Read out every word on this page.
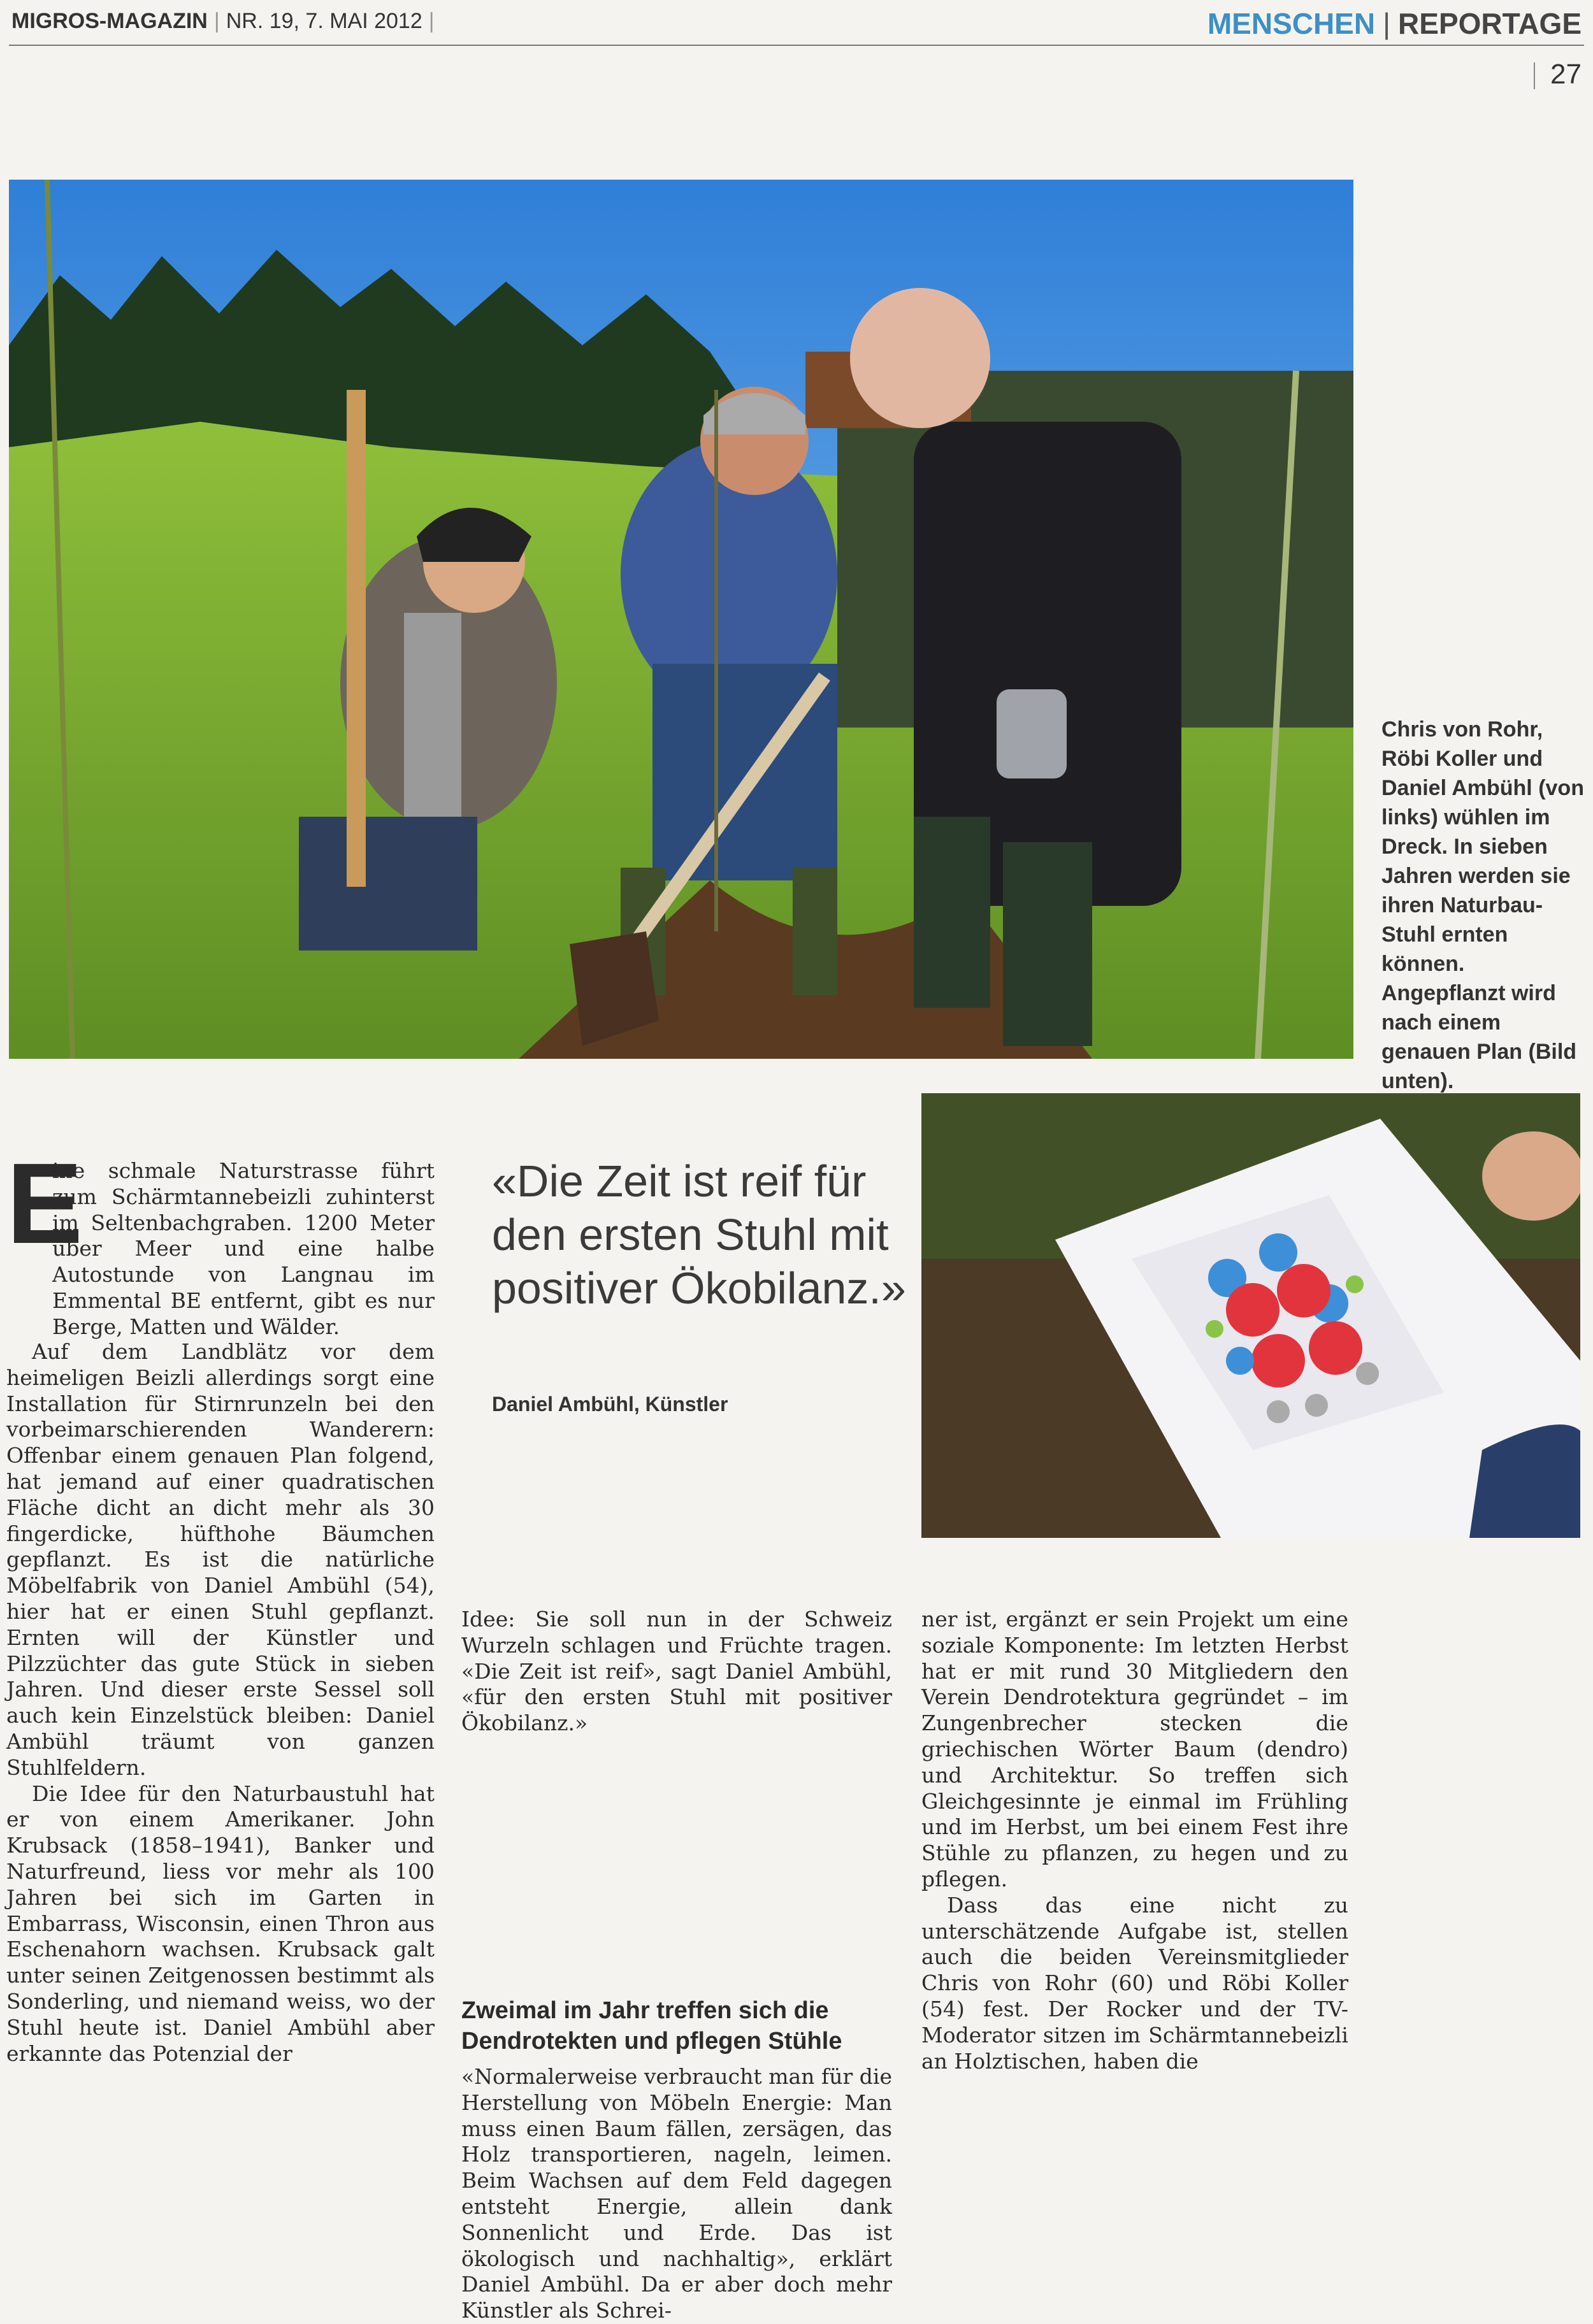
MIGROS-MAGAZIN | NR. 19, 7. MAI 2012 |	MENSCHEN | REPORTAGE
27
Chris von Rohr, Röbi Koller und Daniel Ambühl (von links) wühlen im Dreck. In sieben Jahren werden sie ihren Naturbau-Stuhl ernten können. Angepflanzt wird nach einem genauen Plan (Bild unten).
«Die Zeit ist reif für den ersten Stuhl mit positiver Ökobilanz.»
Daniel Ambühl, Künstler
E

ine schmale Naturstrasse führt zum Schärmtannebeizli zuhinterst im Seltenbachgraben. 1200 Meter über Meer und eine halbe Autostunde von Langnau im Emmental BE entfernt, gibt es nur Berge, Matten und Wälder.

Auf dem Landblätz vor dem heimeligen Beizli allerdings sorgt eine Installation für Stirnrunzeln bei den vorbeimarschierenden Wanderern: Offenbar einem genauen Plan folgend, hat jemand auf einer quadratischen Fläche dicht an dicht mehr als 30 fingerdicke, hüfthohe Bäumchen gepflanzt. Es ist die natürliche Möbelfabrik von Daniel Ambühl (54), hier hat er einen Stuhl gepflanzt. Ernten will der Künstler und Pilzzüchter das gute Stück in sieben Jahren. Und dieser erste Sessel soll auch kein Einzelstück bleiben: Daniel Ambühl träumt von ganzen Stuhlfeldern.

Die Idee für den Naturbaustuhl hat er von einem Amerikaner. John Krubsack (1858–1941), Banker und Naturfreund, liess vor mehr als 100 Jahren bei sich im Garten in Embarrass, Wisconsin, einen Thron aus Eschenahorn wachsen. Krubsack galt unter seinen Zeitgenossen bestimmt als Sonderling, und niemand weiss, wo der Stuhl heute ist. Daniel Ambühl aber erkannte das Potenzial der

Idee: Sie soll nun in der Schweiz Wurzeln schlagen und Früchte tragen. «Die Zeit ist reif», sagt Daniel Ambühl, «für den ersten Stuhl mit positiver Ökobilanz.»

Zweimal im Jahr treffen sich die Dendrotekten und pflegen Stühle

«Normalerweise verbraucht man für die Herstellung von Möbeln Energie: Man muss einen Baum fällen, zersägen, das Holz transportieren, nageln, leimen. Beim Wachsen auf dem Feld dagegen entsteht Energie, allein dank Sonnenlicht und Erde. Das ist ökologisch und nachhaltig», erklärt Daniel Ambühl. Da er aber doch mehr Künstler als Schrei-

ner ist, ergänzt er sein Projekt um eine soziale Komponente: Im letzten Herbst hat er mit rund 30 Mitgliedern den Verein Dendrotektura gegründet – im Zungenbrecher stecken die griechischen Wörter Baum (dendro) und Architektur. So treffen sich Gleichgesinnte je einmal im Frühling und im Herbst, um bei einem Fest ihre Stühle zu pflanzen, zu hegen und zu pflegen.

Dass das eine nicht zu unterschätzende Aufgabe ist, stellen auch die beiden Vereinsmitglieder Chris von Rohr (60) und Röbi Koller (54) fest. Der Rocker und der TV-Moderator sitzen im Schärmtannebeizli an Holztischen, haben die
